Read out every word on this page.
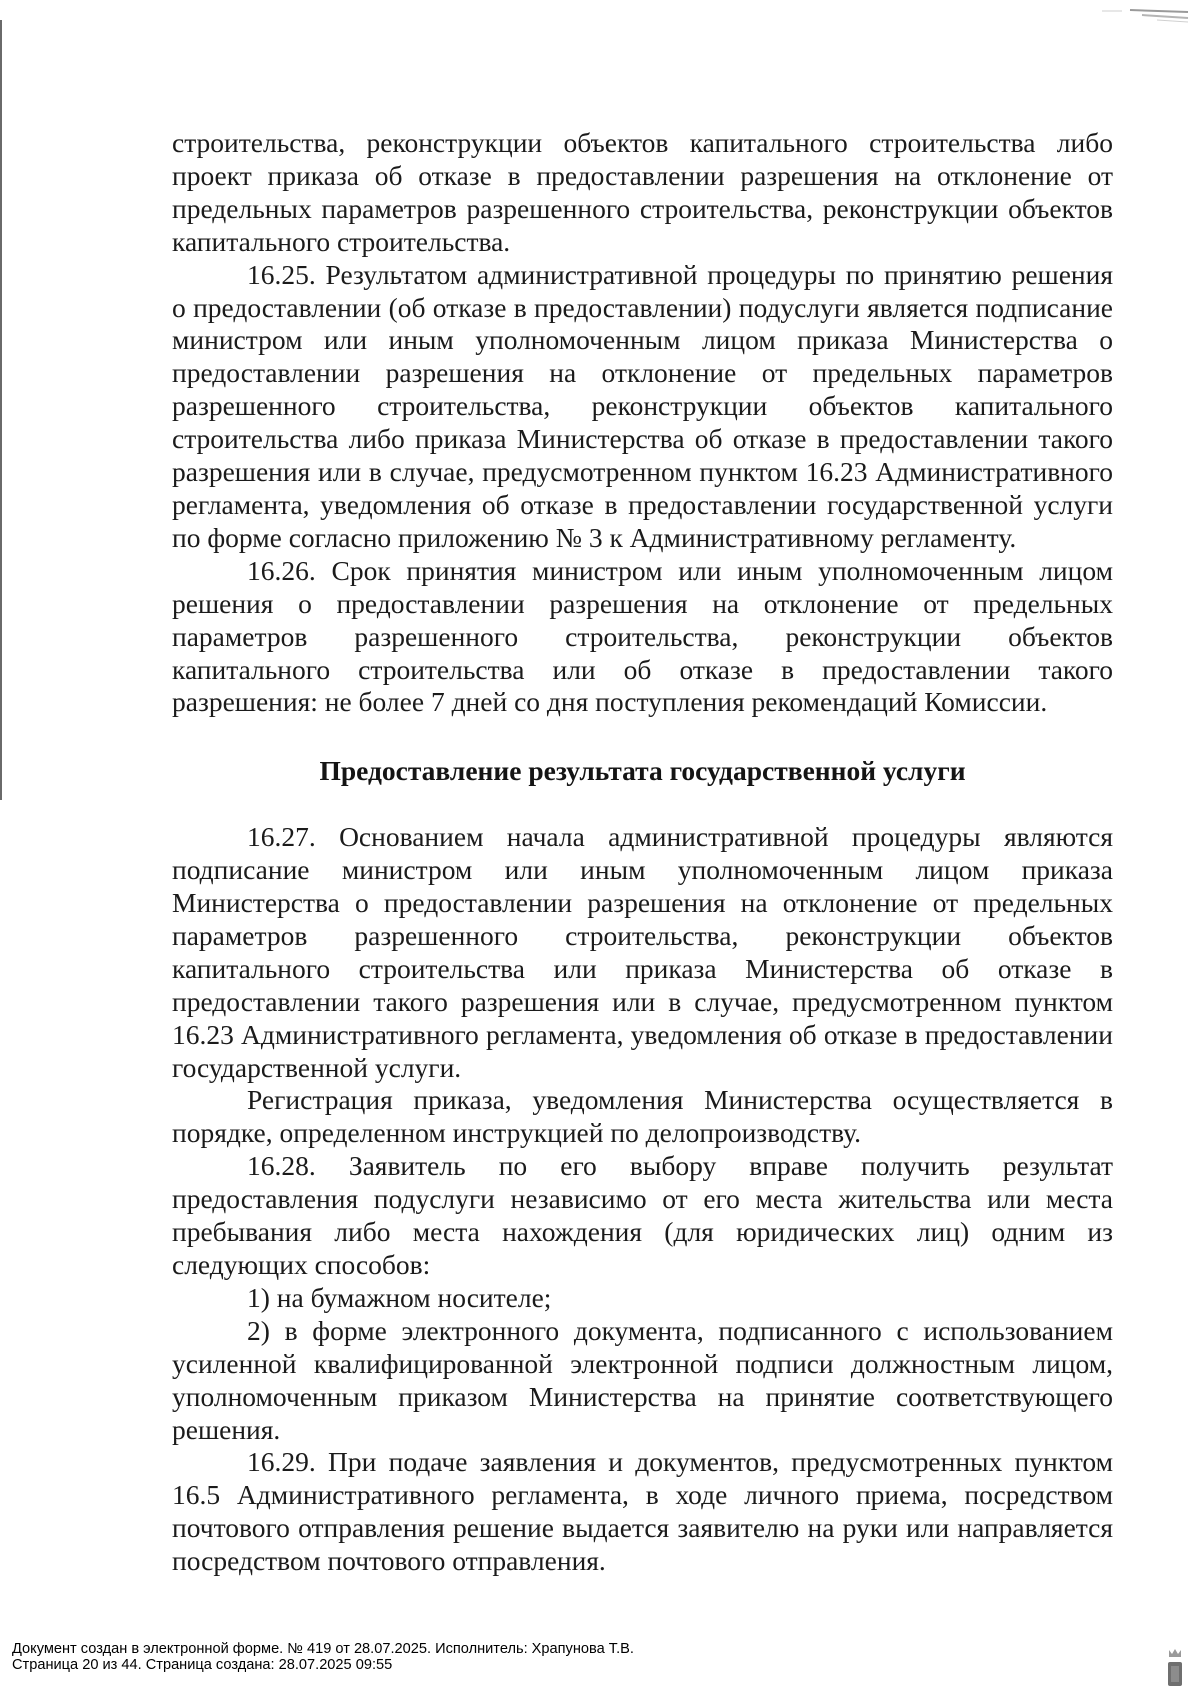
строительства, реконструкции объектов капитального строительства либо проект приказа об отказе в предоставлении разрешения на отклонение от предельных параметров разрешенного строительства, реконструкции объектов капитального строительства.

16.25. Результатом административной процедуры по принятию решения о предоставлении (об отказе в предоставлении) подуслуги является подписание министром или иным уполномоченным лицом приказа Министерства о предоставлении разрешения на отклонение от предельных параметров разрешенного строительства, реконструкции объектов капитального строительства либо приказа Министерства об отказе в предоставлении такого разрешения или в случае, предусмотренном пунктом 16.23 Административного регламента, уведомления об отказе в предоставлении государственной услуги по форме согласно приложению № 3 к Административному регламенту.

16.26. Срок принятия министром или иным уполномоченным лицом решения о предоставлении разрешения на отклонение от предельных параметров разрешенного строительства, реконструкции объектов капитального строительства или об отказе в предоставлении такого разрешения: не более 7 дней со дня поступления рекомендаций Комиссии.

Предоставление результата государственной услуги

16.27. Основанием начала административной процедуры являются подписание министром или иным уполномоченным лицом приказа Министерства о предоставлении разрешения на отклонение от предельных параметров разрешенного строительства, реконструкции объектов капитального строительства или приказа Министерства об отказе в предоставлении такого разрешения или в случае, предусмотренном пунктом 16.23 Административного регламента, уведомления об отказе в предоставлении государственной услуги.

Регистрация приказа, уведомления Министерства осуществляется в порядке, определенном инструкцией по делопроизводству.

16.28. Заявитель по его выбору вправе получить результат предоставления подуслуги независимо от его места жительства или места пребывания либо места нахождения (для юридических лиц) одним из следующих способов:

1) на бумажном носителе;

2) в форме электронного документа, подписанного с использованием усиленной квалифицированной электронной подписи должностным лицом, уполномоченным приказом Министерства на принятие соответствующего решения.

16.29. При подаче заявления и документов, предусмотренных пунктом 16.5 Административного регламента, в ходе личного приема, посредством почтового отправления решение выдается заявителю на руки или направляется посредством почтового отправления.

Документ создан в электронной форме. № 419 от 28.07.2025. Исполнитель: Храпунова Т.В.
Страница 20 из 44. Страница создана: 28.07.2025 09:55
